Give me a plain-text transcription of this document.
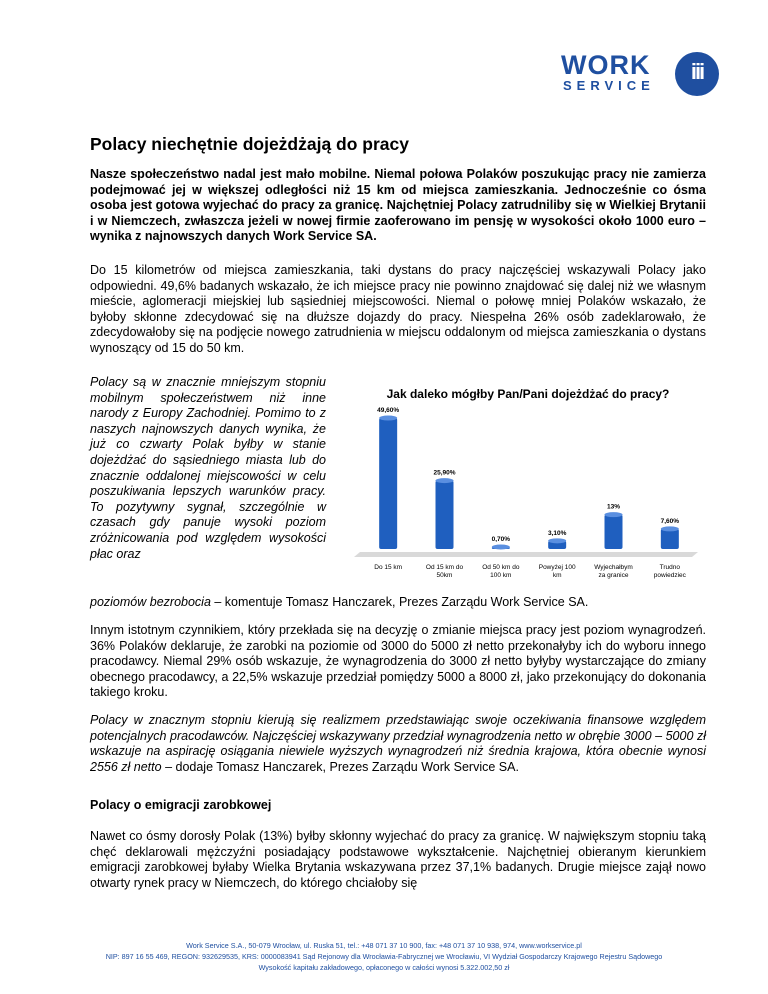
WORK
SERVICE
iii
Polacy niechętnie dojeżdżają do pracy

Nasze społeczeństwo nadal jest mało mobilne. Niemal połowa Polaków poszukując pracy nie zamierza podejmować jej w większej odległości niż 15 km od miejsca zamieszkania. Jednocześnie co ósma osoba jest gotowa wyjechać do pracy za granicę. Najchętniej Polacy zatrudniliby się w Wielkiej Brytanii i w Niemczech, zwłaszcza jeżeli w nowej firmie zaoferowano im pensję w wysokości około 1000 euro – wynika z najnowszych danych Work Service SA.

Do 15 kilometrów od miejsca zamieszkania, taki dystans do pracy najczęściej wskazywali Polacy jako odpowiedni. 49,6% badanych wskazało, że ich miejsce pracy nie powinno znajdować się dalej niż we własnym mieście, aglomeracji miejskiej lub sąsiedniej miejscowości. Niemal o połowę mniej Polaków wskazało, że byłoby skłonne zdecydować się na dłuższe dojazdy do pracy. Niespełna 26% osób zadeklarowało, że zdecydowałoby się na podjęcie nowego zatrudnienia w miejscu oddalonym od miejsca zamieszkania o dystans wynoszący od 15 do 50 km.

Polacy są w znacznie mniejszym stopniu mobilnym społeczeństwem niż inne narody z Europy Zachodniej. Pomimo to z naszych najnowszych danych wynika, że już co czwarty Polak byłby w stanie dojeżdżać do sąsiedniego miasta lub do znacznie oddalonej miejscowości w celu poszukiwania lepszych warunków pracy. To pozytywny sygnał, szczególnie w czasach gdy panuje wysoki poziom zróżnicowania pod względem wysokości płac oraz

Jak daleko mógłby Pan/Pani dojeżdżać do pracy?
49,60%
Do 15 km
25,90%
Od 15 km do
50km
0,70%
Od 50 km do
100 km
3,10%
Powyżej 100
km
13%
Wyjechałbym
za granice
7,60%
Trudno
powiedziec
poziomów bezrobocia – komentuje Tomasz Hanczarek, Prezes Zarządu Work Service SA.

Innym istotnym czynnikiem, który przekłada się na decyzję o zmianie miejsca pracy jest poziom wynagrodzeń. 36% Polaków deklaruje, że zarobki na poziomie od 3000 do 5000 zł netto przekonałyby ich do wyboru innego pracodawcy. Niemal 29% osób wskazuje, że wynagrodzenia do 3000 zł netto byłyby wystarczające do zmiany obecnego pracodawcy, a 22,5% wskazuje przedział pomiędzy 5000 a 8000 zł, jako przekonujący do dokonania takiego kroku.

Polacy w znacznym stopniu kierują się realizmem przedstawiając swoje oczekiwania finansowe względem potencjalnych pracodawców. Najczęściej wskazywany przedział wynagrodzenia netto w obrębie 3000 – 5000 zł wskazuje na aspirację osiągania niewiele wyższych wynagrodzeń niż średnia krajowa, która obecnie wynosi 2556 zł netto – dodaje Tomasz Hanczarek, Prezes Zarządu Work Service SA.

Polacy o emigracji zarobkowej

Nawet co ósmy dorosły Polak (13%) byłby skłonny wyjechać do pracy za granicę. W największym stopniu taką chęć deklarowali mężczyźni posiadający podstawowe wykształcenie. Najchętniej obieranym kierunkiem emigracji zarobkowej byłaby Wielka Brytania wskazywana przez 37,1% badanych. Drugie miejsce zajął nowo otwarty rynek pracy w Niemczech, do którego chciałoby się

Work Service S.A., 50-079 Wrocław, ul. Ruska 51, tel.: +48 071 37 10 900, fax: +48 071 37 10 938, 974, www.workservice.pl
NIP: 897 16 55 469, REGON: 932629535, KRS: 0000083941 Sąd Rejonowy dla Wrocławia-Fabrycznej we Wrocławiu, VI Wydział Gospodarczy Krajowego Rejestru Sądowego
Wysokość kapitału zakładowego, opłaconego w całości wynosi 5.322.002,50 zł
